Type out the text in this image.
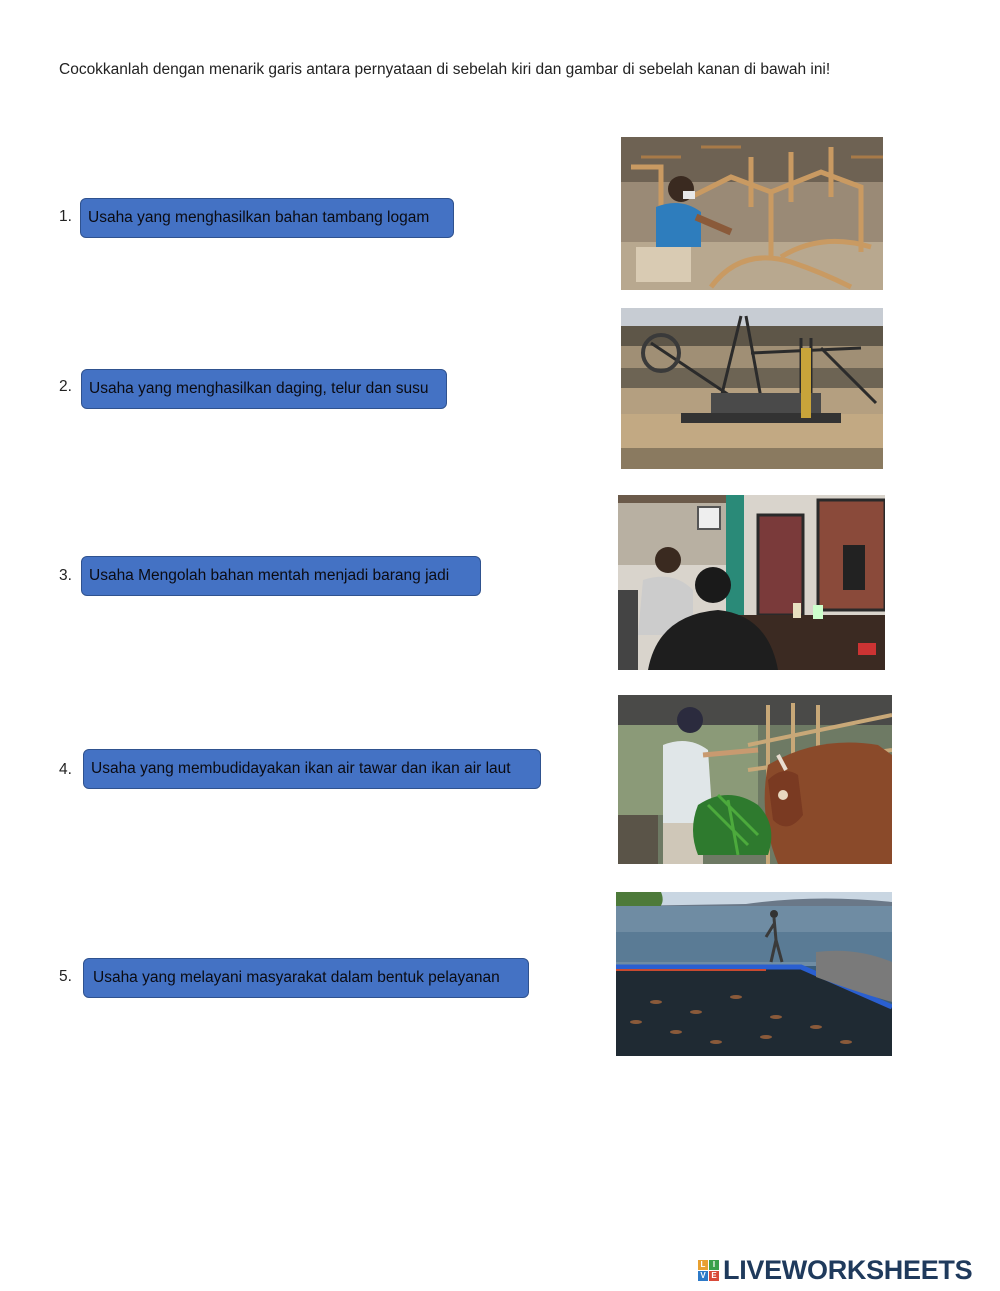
Cocokkanlah dengan menarik garis antara pernyataan di sebelah kiri dan gambar di sebelah kanan di bawah ini!
1.	Usaha yang menghasilkan bahan tambang logam
2.	Usaha yang menghasilkan daging, telur dan susu
3.	Usaha Mengolah bahan mentah menjadi barang jadi
4.	Usaha yang membudidayakan ikan air tawar dan ikan air laut
5.	Usaha yang melayani masyarakat dalam bentuk pelayanan
L I
V E LIVEWORKSHEETS
